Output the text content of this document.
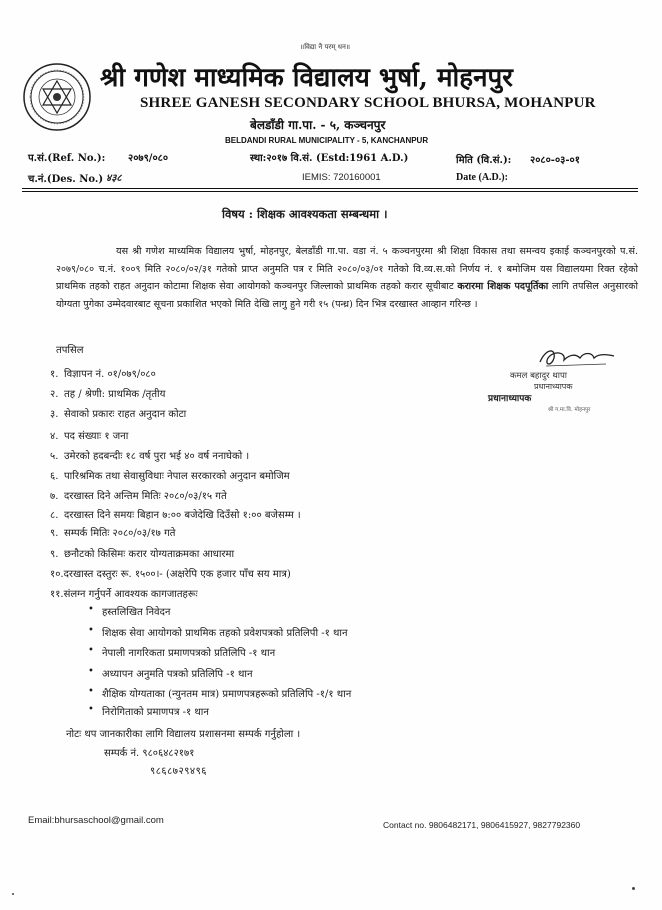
॥विद्या नै परम् धन॥
श्री गणेश माध्यमिक विद्यालय भुर्षा, मोहनपुर
SHREE GANESH SECONDARY SCHOOL BHURSA, MOHANPUR
बेलडाँडी गा.पा. - ५, कञ्चनपुर
BELDANDI RURAL MUNICIPALITY - 5, KANCHANPUR
प.सं.(Ref. No.): २०७९/०८०
च.नं.(Des. No.) ४३८
स्था:२०१७ वि.सं. (Estd:1961 A.D.)
IEMIS: 720160001
मिति (वि.सं.): २०८०-०३-०१
Date (A.D.):
विषय : शिक्षक आवश्यकता सम्बन्धमा ।
यस श्री गणेश माध्यमिक विद्यालय भुर्षा, मोहनपुर, बेलडाँडी गा.पा. वडा नं. ५ कञ्चनपुरमा श्री शिक्षा विकास तथा समन्वय इकाई कञ्चनपुरको प.सं. २०७९/०८० च.नं. १००९ मिति २०८०/०२/३१ गतेको प्राप्त अनुमति पत्र र मिति २०८०/०३/०१ गतेको वि.व्य.स.को निर्णय नं. १ बमोजिम यस विद्यालयमा रिक्त रहेको प्राथमिक तहको राहत अनुदान कोटामा शिक्षक सेवा आयोगको कञ्चनपुर जिल्लाको प्राथमिक तहको करार सूचीबाट करारमा शिक्षक पदपूर्तिका लागि तपसिल अनुसारको योग्यता पुगेका उम्मेदवारबाट सूचना प्रकाशित भएको मिति देखि लागु हुने गरी १५ (पन्ध्र) दिन भित्र दरखास्त आव्हान गरिन्छ ।
तपसिल
कमल बहादुर थापा
प्रधानाध्यापक
प्रधानाध्यापक
श्री ग.मा.वि. मोहनपुर
१. विज्ञापन नं. ०१/०७९/०८०
२. तह / श्रेणी: प्राथमिक /तृतीय
३. सेवाको प्रकारः राहत अनुदान कोटा
४. पद संख्याः १ जना
५. उमेरको हदबन्दीः १८ वर्ष पुरा भई ४० वर्ष ननाघेको ।
६. पारिश्रमिक तथा सेवासुविधाः नेपाल सरकारको अनुदान बमोजिम
७. दरखास्त दिने अन्तिम मितिः २०८०/०३/१५ गते
८. दरखास्त दिने समयः बिहान ७:०० बजेदेखि दिउँसो १:०० बजेसम्म ।
९. सम्पर्क मितिः २०८०/०३/१७ गते
९. छनौटको किसिमः करार योग्यताक्रमका आधारमा
१०.दरखास्त दस्तुरः रू. १५००।- (अक्षरेपि एक हजार पाँच सय मात्र)
११.संलग्न गर्नुपर्ने आवश्यक कागजातहरूः
• हस्तलिखित निवेदन
• शिक्षक सेवा आयोगको प्राथमिक तहको प्रवेशपत्रको प्रतिलिपी -१ थान
• नेपाली नागरिकता प्रमाणपत्रको प्रतिलिपि -१ थान
• अध्यापन अनुमति पत्रको प्रतिलिपि -१ थान
• शैक्षिक योग्यताका (न्युनतम मात्र) प्रमाणपत्रहरूको प्रतिलिपि -१/१ थान
• निरोगिताको प्रमाणपत्र -१ थान
नोटः थप जानकारीका लागि विद्यालय प्रशासनमा सम्पर्क गर्नुहोला ।
सम्पर्क नं. ९८०६४८२१७१
९८६८७२९४९६
Email:bhursaschool@gmail.com	Contact no. 9806482171, 9806415927, 9827792360
